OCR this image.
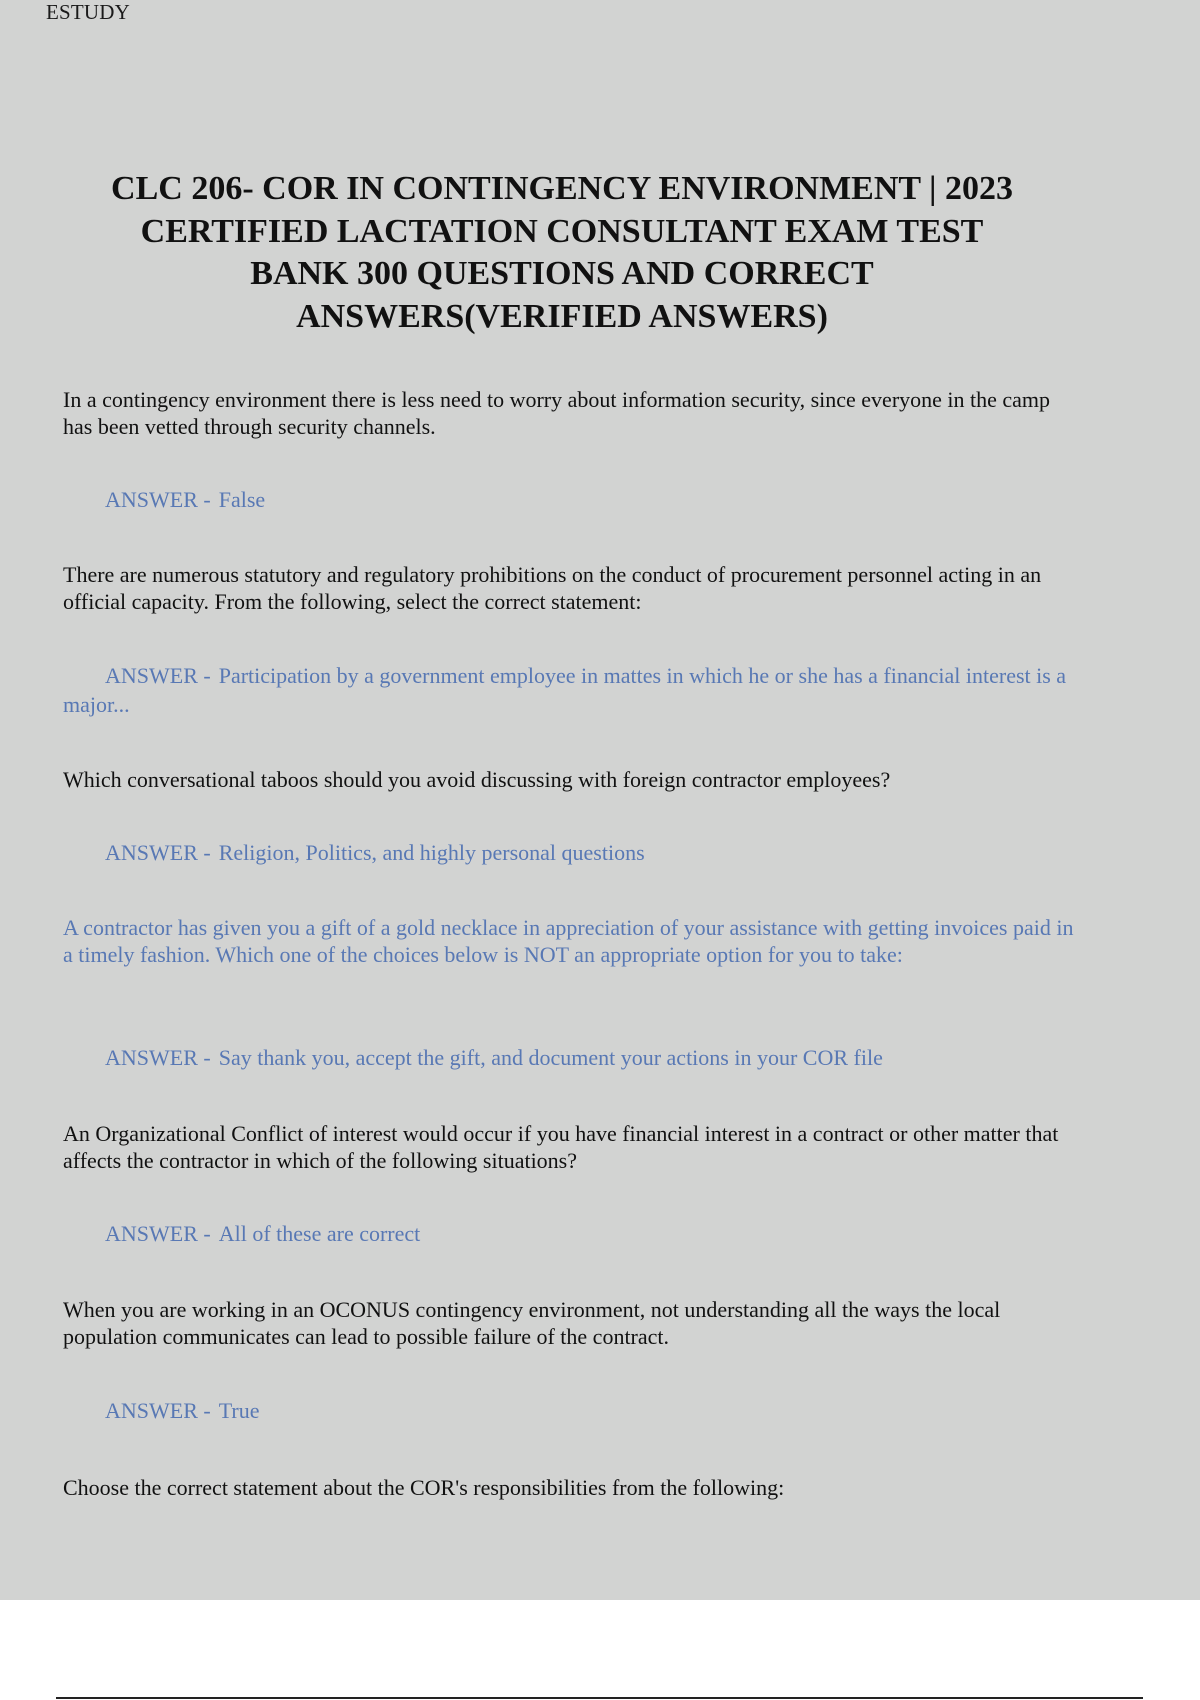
ESTUDY
CLC 206- COR IN CONTINGENCY ENVIRONMENT | 2023
CERTIFIED LACTATION CONSULTANT EXAM TEST
BANK 300 QUESTIONS AND CORRECT
ANSWERS(VERIFIED ANSWERS)

In a contingency environment there is less need to worry about information security, since everyone in the camp has been vetted through security channels.

ANSWER - False

There are numerous statutory and regulatory prohibitions on the conduct of procurement personnel acting in an official capacity. From the following, select the correct statement:

ANSWER - Participation by a government employee in mattes in which he or she has a financial interest is a major...

Which conversational taboos should you avoid discussing with foreign contractor employees?

ANSWER - Religion, Politics, and highly personal questions

A contractor has given you a gift of a gold necklace in appreciation of your assistance with getting invoices paid in a timely fashion. Which one of the choices below is NOT an appropriate option for you to take:

ANSWER - Say thank you, accept the gift, and document your actions in your COR file

An Organizational Conflict of interest would occur if you have financial interest in a contract or other matter that affects the contractor in which of the following situations?

ANSWER - All of these are correct

When you are working in an OCONUS contingency environment, not understanding all the ways the local population communicates can lead to possible failure of the contract.

ANSWER - True

Choose the correct statement about the COR's responsibilities from the following:
